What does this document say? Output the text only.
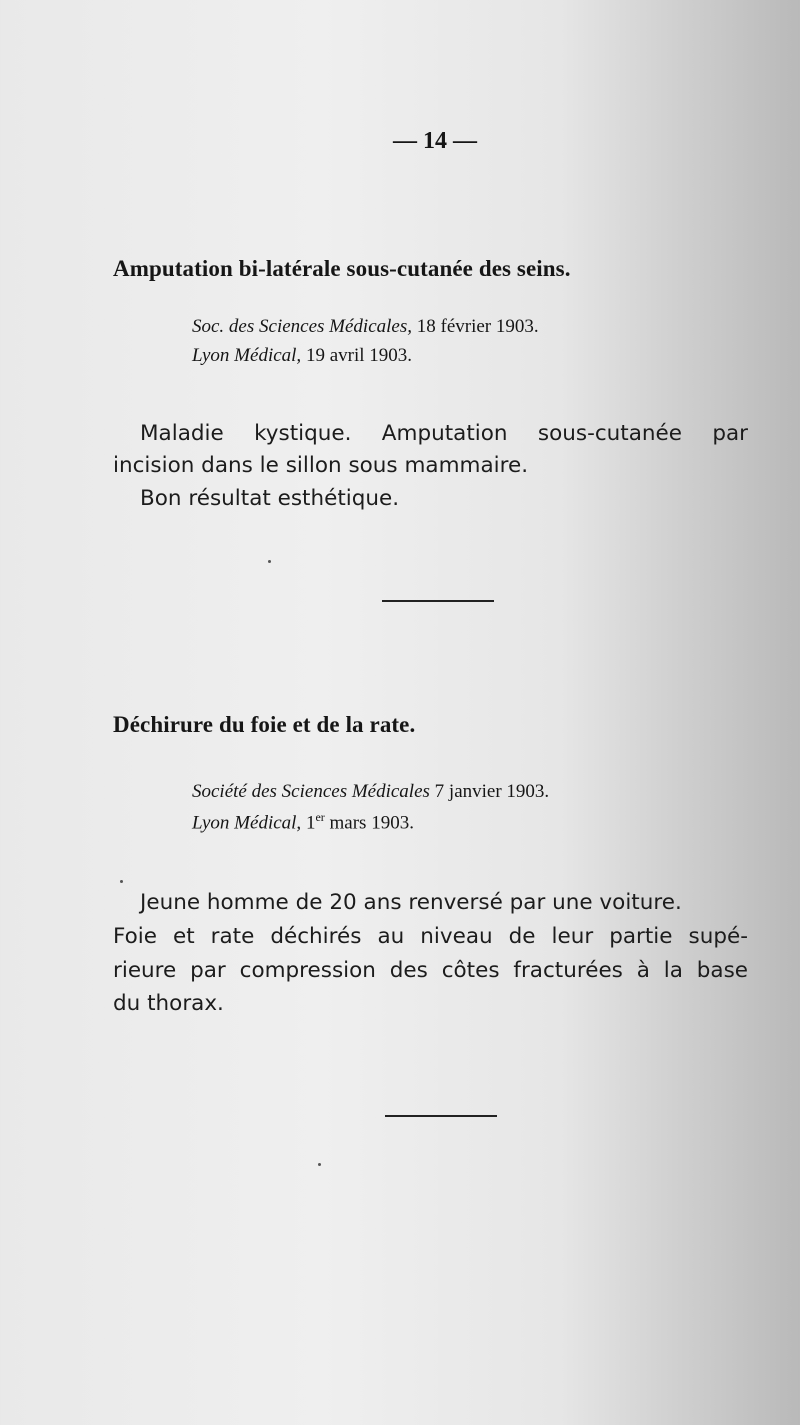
— 14 —
Amputation bi-latérale sous-cutanée des seins.
Soc. des Sciences Médicales, 18 février 1903.
Lyon Médical, 19 avril 1903.
Maladie kystique. Amputation sous-cutanée par
incision dans le sillon sous mammaire.
Bon résultat esthétique.
Déchirure du foie et de la rate.
Société des Sciences Médicales 7 janvier 1903.
Lyon Médical, 1er mars 1903.
Jeune homme de 20 ans renversé par une voiture.
Foie et rate déchirés au niveau de leur partie supé-
rieure par compression des côtes fracturées à la base
du thorax.
